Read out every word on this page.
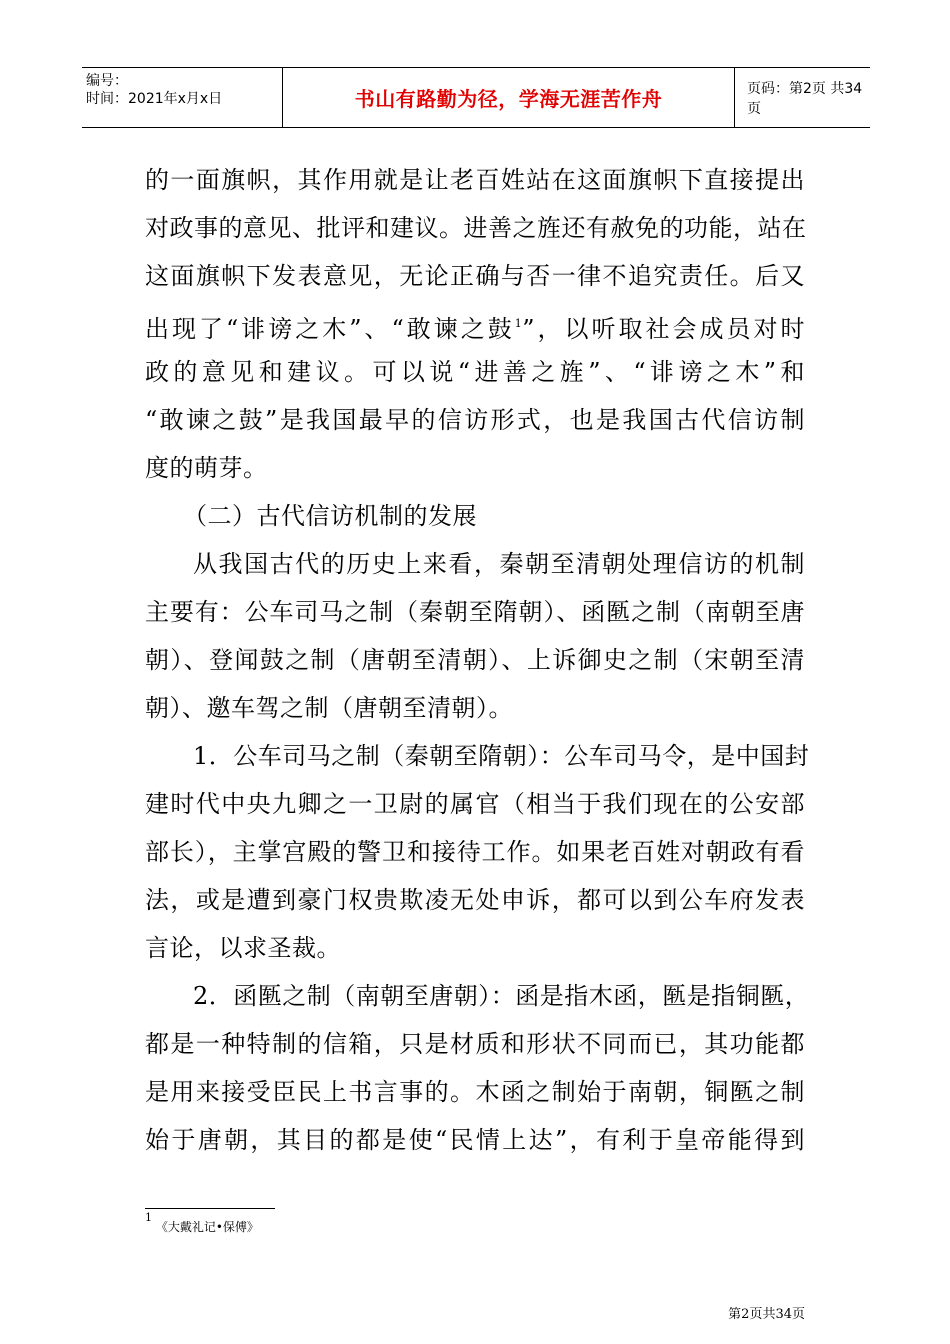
编号：
时间：2021年x月x日	书山有路勤为径，学海无涯苦作舟	页码：第2页 共34页
的一面旗帜，其作用就是让老百姓站在这面旗帜下直接提出
对政事的意见、批评和建议。进善之旌还有赦免的功能，站在
这面旗帜下发表意见，无论正确与否一律不追究责任。后又
出现了“诽谤之木”、“敢谏之鼓$^1$”，以听取社会成员对时
政的意见和建议。可以说“进善之旌”、“诽谤之木”和
“敢谏之鼓”是我国最早的信访形式，也是我国古代信访制
度的萌芽。
（二）古代信访机制的发展
从我国古代的历史上来看，秦朝至清朝处理信访的机制
主要有：公车司马之制（秦朝至隋朝）、函匦之制（南朝至唐
朝）、登闻鼓之制（唐朝至清朝）、上诉御史之制（宋朝至清
朝）、邀车驾之制（唐朝至清朝）。
1．公车司马之制（秦朝至隋朝）：公车司马令，是中国封
建时代中央九卿之一卫尉的属官（相当于我们现在的公安部
部长），主掌宫殿的警卫和接待工作。如果老百姓对朝政有看
法，或是遭到豪门权贵欺凌无处申诉，都可以到公车府发表
言论，以求圣裁。
2．函匦之制（南朝至唐朝）：函是指木函，匦是指铜匦，
都是一种特制的信箱，只是材质和形状不同而已，其功能都
是用来接受臣民上书言事的。木函之制始于南朝，铜匦之制
始于唐朝，其目的都是使“民情上达”，有利于皇帝能得到
$^1$ 《大戴礼记•保傅》
第2页共34页
